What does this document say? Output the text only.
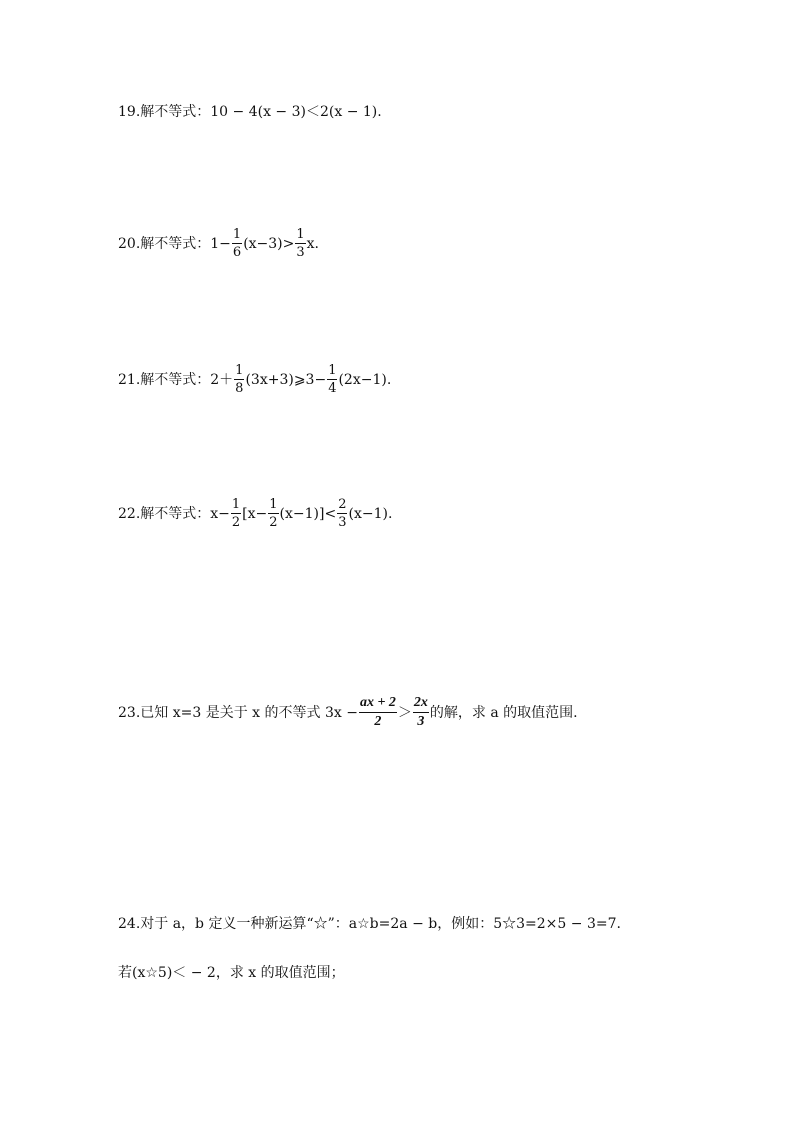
19.解不等式：10 − 4(x − 3)＜2(x − 1).
20.解不等式：$1- \frac{1}{6} (x-3)> \frac{1}{3} x$.
21.解不等式：$2+ \frac{1}{8}$ (3x+3)⩾3− $\frac{1}{4} (2x-1)$.
22.解不等式：$x- \frac{1}{2} [x- \frac{1}{2} (x-1)]< \frac{2}{3} (x-1)$.
23.已知 x=3 是关于 x 的不等式 $3x - \frac{ax + 2}{2} > \frac{2x}{3}$ 的解，求 a 的取值范围.
24.对于 a，b 定义一种新运算“☆”：a☆b=2a − b，例如：5☆3=2×5 − 3=7.
若(x☆5)＜ − 2，求 x 的取值范围；
